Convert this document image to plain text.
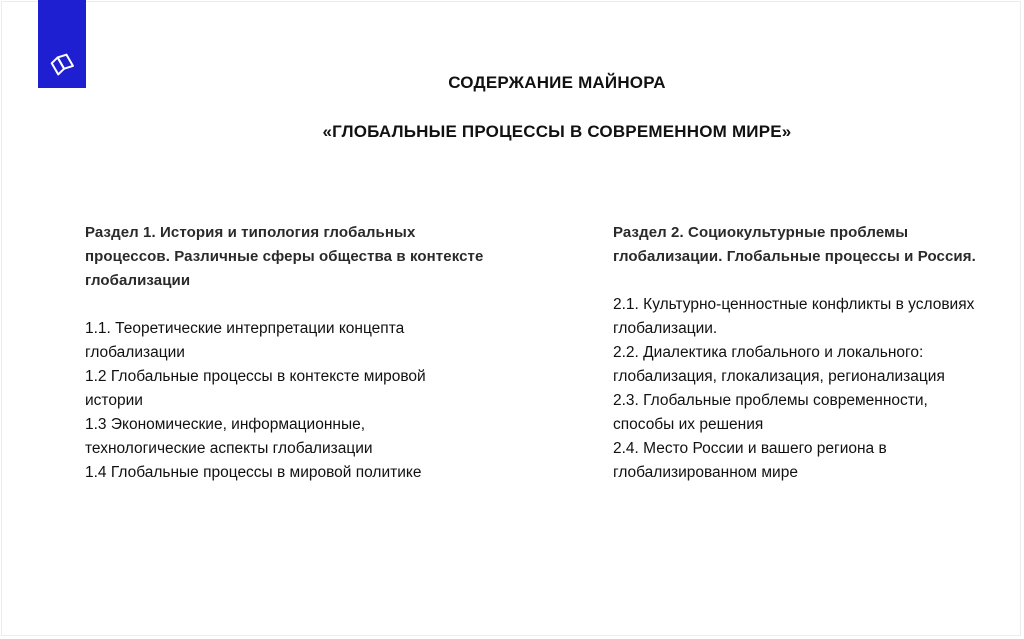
СОДЕРЖАНИЕ МАЙНОРА
«ГЛОБАЛЬНЫЕ ПРОЦЕССЫ В СОВРЕМЕННОМ МИРЕ»

Раздел 1. История и типология глобальных процессов. Различные сферы общества в контексте глобализации

1.1. Теоретические интерпретации концепта глобализации

1.2 Глобальные процессы в контексте мировой истории

1.3 Экономические, информационные, технологические аспекты глобализации

1.4 Глобальные процессы в мировой политике

Раздел 2. Социокультурные проблемы глобализации. Глобальные процессы и Россия.

2.1. Культурно-ценностные конфликты в условиях глобализации.

2.2. Диалектика глобального и локального: глобализация, глокализация, регионализация

2.3. Глобальные проблемы современности, способы их решения

2.4. Место России и вашего региона в глобализированном мире
